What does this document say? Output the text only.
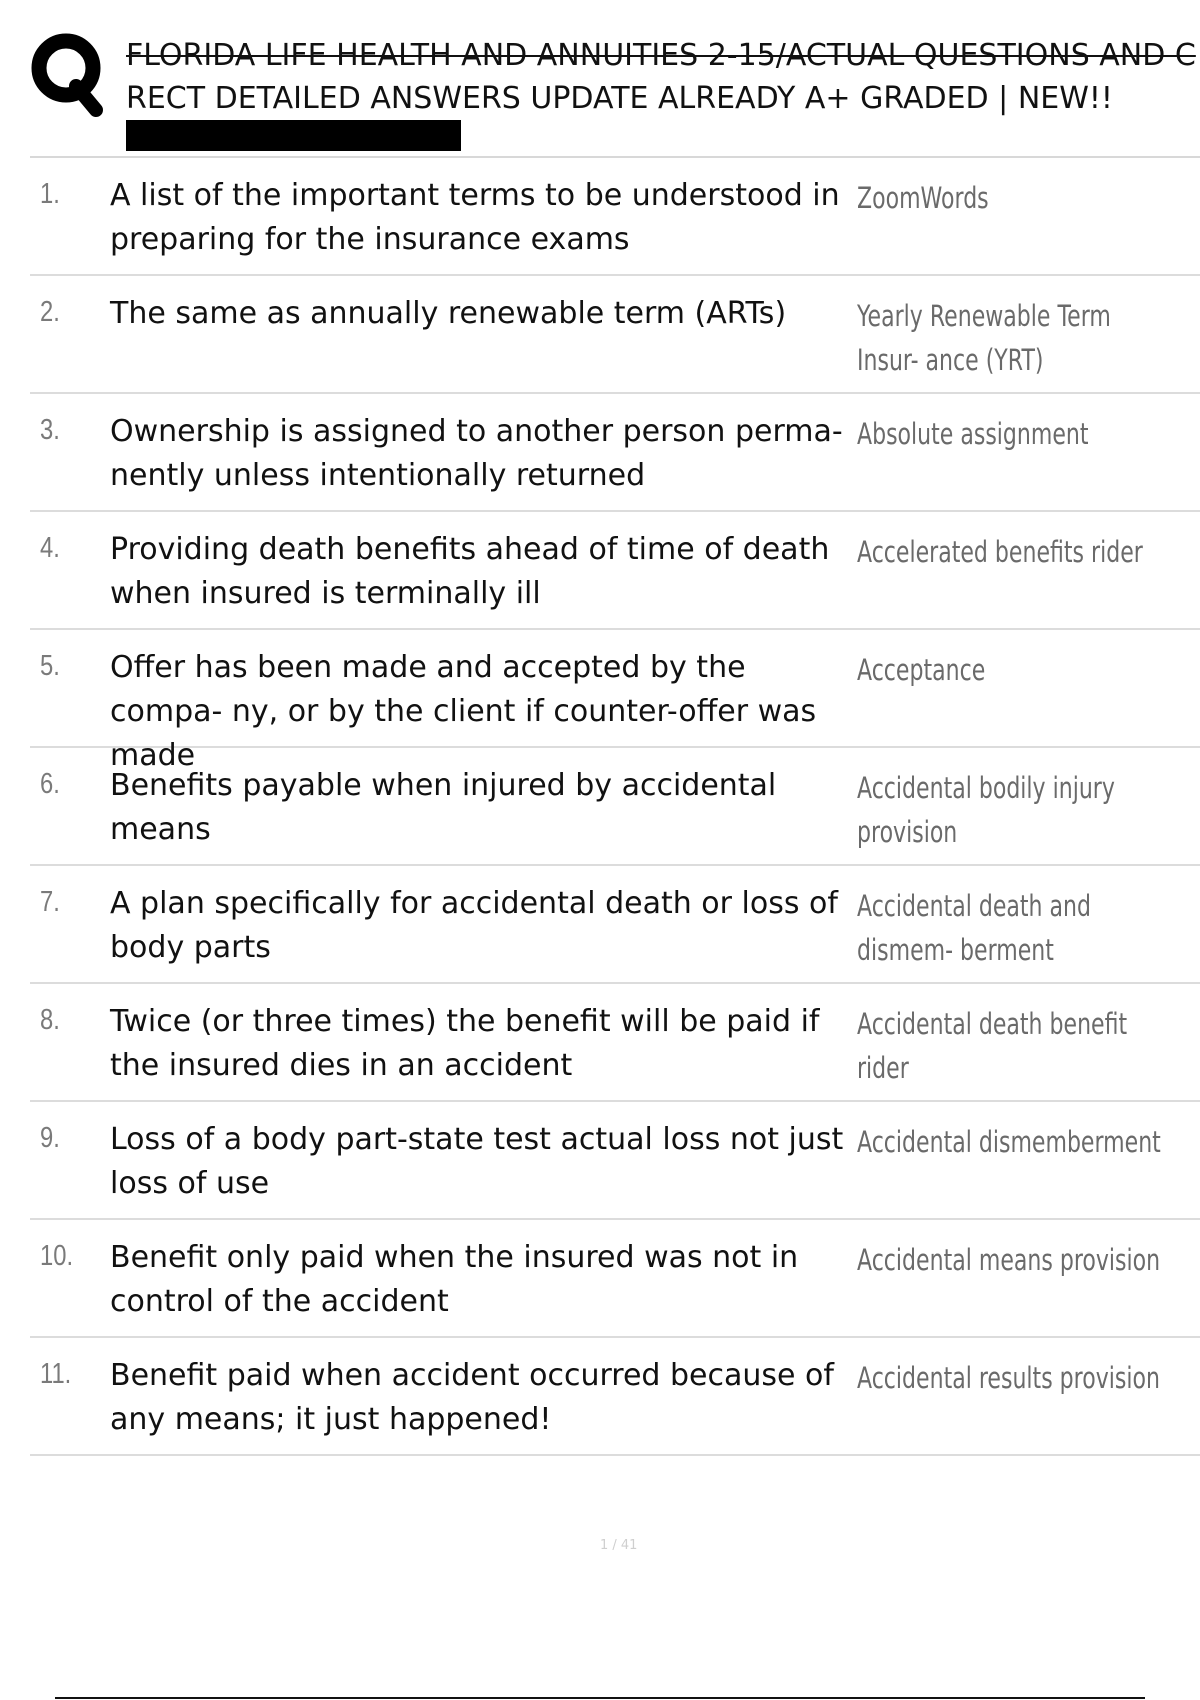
FLORIDA LIFE HEALTH AND ANNUITIES 2-15/ACTUAL QUESTIONS AND C
RECT DETAILED ANSWERS UPDATE ALREADY A+ GRADED | NEW!!
1. A list of the important terms to be understood in preparing for the insurance exams
ZoomWords
2. The same as annually renewable term (ARTs)	Yearly Renewable Term Insur- ance (YRT)
3. Ownership is assigned to another person perma- nently unless intentionally returned
Absolute assignment
4. Providing death benefits ahead of time of death when insured is terminally ill
Accelerated benefits rider
5. Offer has been made and accepted by the compa- ny, or by the client if counter-offer was made
Acceptance
6. Benefits payable when injured by accidental means
Accidental bodily injury provision
7. A plan specifically for accidental death or loss of body parts
Accidental death and dismem- berment
8. Twice (or three times) the benefit will be paid if the insured dies in an accident
Accidental death benefit rider
9. Loss of a body part-state test actual loss not just loss of use
Accidental dismemberment
10. Benefit only paid when the insured was not in control of the accident
Accidental means provision
11. Benefit paid when accident occurred because of any means; it just happened!
Accidental results provision
1 / 41
